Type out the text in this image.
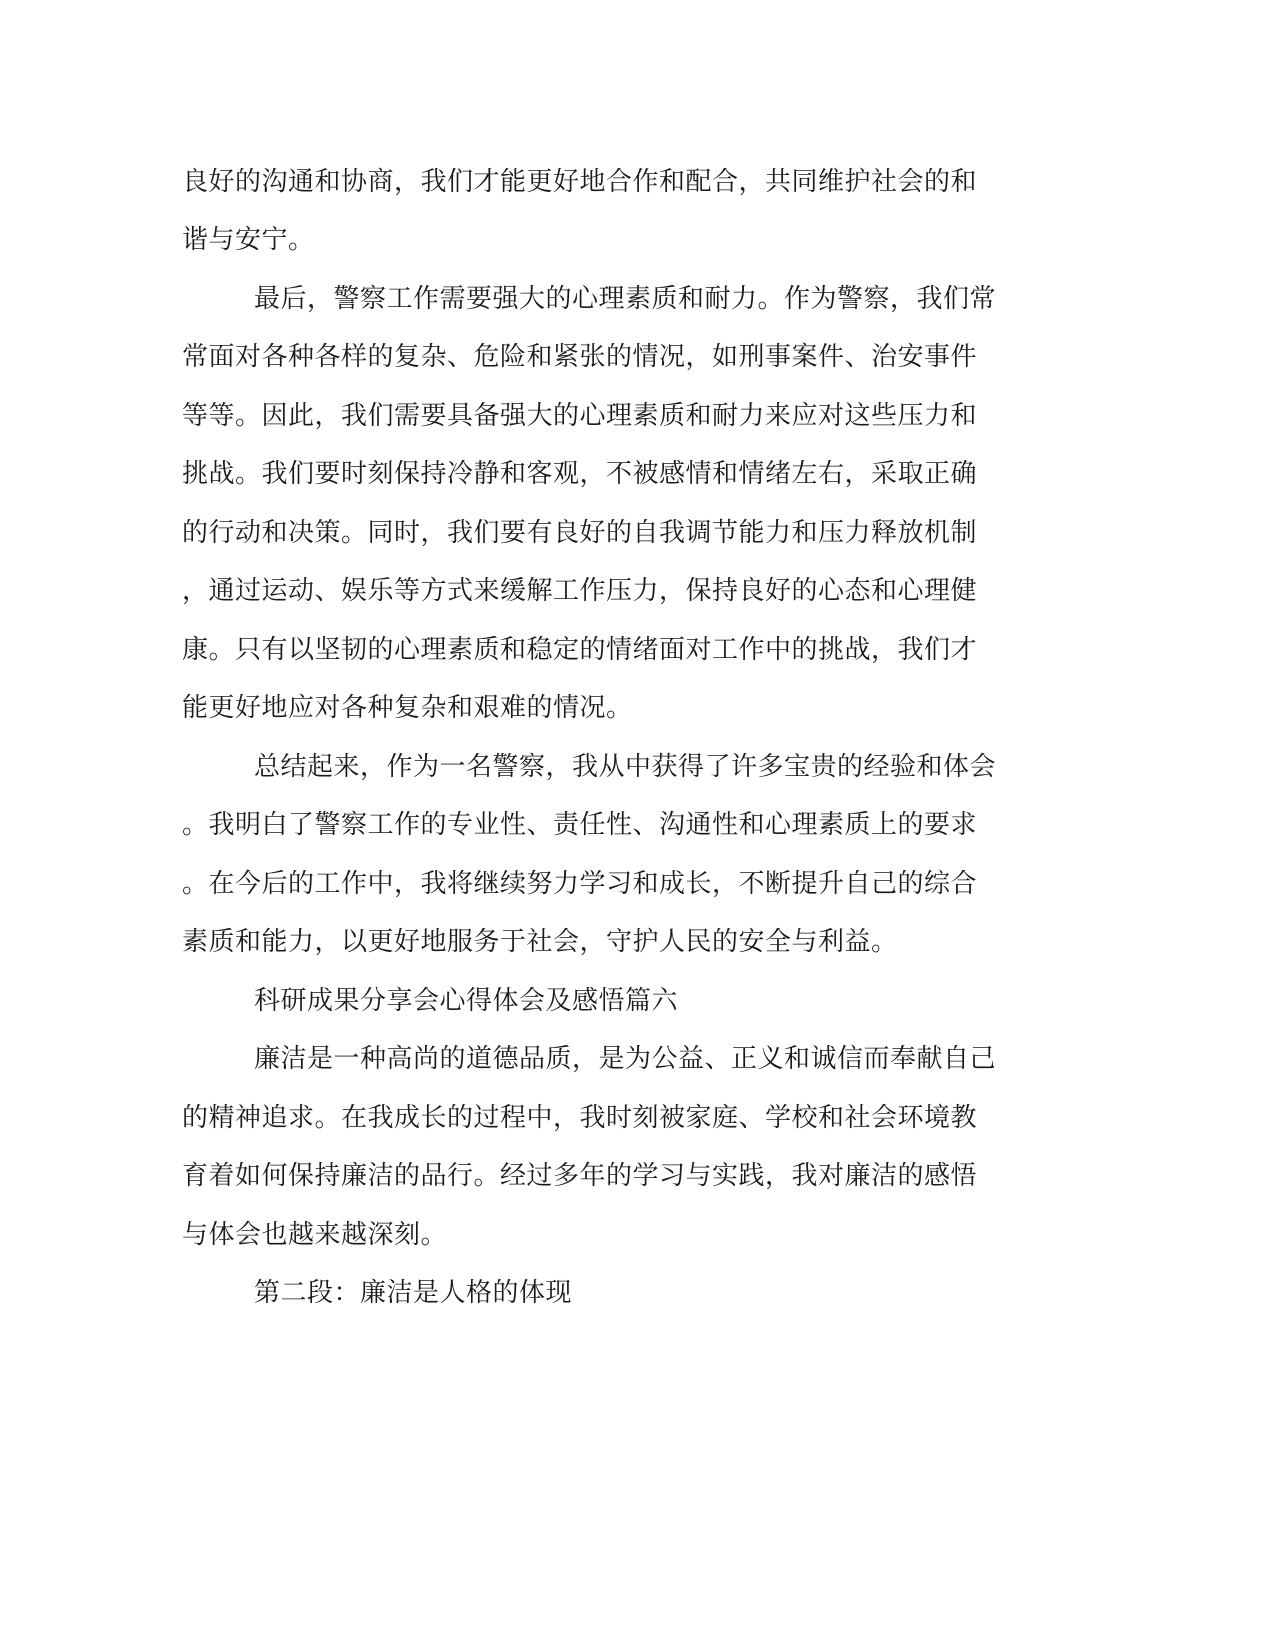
良好的沟通和协商，我们才能更好地合作和配合，共同维护社会的和
谐与安宁。
最后，警察工作需要强大的心理素质和耐力。作为警察，我们常
常面对各种各样的复杂、危险和紧张的情况，如刑事案件、治安事件
等等。因此，我们需要具备强大的心理素质和耐力来应对这些压力和
挑战。我们要时刻保持冷静和客观，不被感情和情绪左右，采取正确
的行动和决策。同时，我们要有良好的自我调节能力和压力释放机制
，通过运动、娱乐等方式来缓解工作压力，保持良好的心态和心理健
康。只有以坚韧的心理素质和稳定的情绪面对工作中的挑战，我们才
能更好地应对各种复杂和艰难的情况。
总结起来，作为一名警察，我从中获得了许多宝贵的经验和体会
。我明白了警察工作的专业性、责任性、沟通性和心理素质上的要求
。在今后的工作中，我将继续努力学习和成长，不断提升自己的综合
素质和能力，以更好地服务于社会，守护人民的安全与利益。
科研成果分享会心得体会及感悟篇六
廉洁是一种高尚的道德品质，是为公益、正义和诚信而奉献自己
的精神追求。在我成长的过程中，我时刻被家庭、学校和社会环境教
育着如何保持廉洁的品行。经过多年的学习与实践，我对廉洁的感悟
与体会也越来越深刻。
第二段：廉洁是人格的体现
